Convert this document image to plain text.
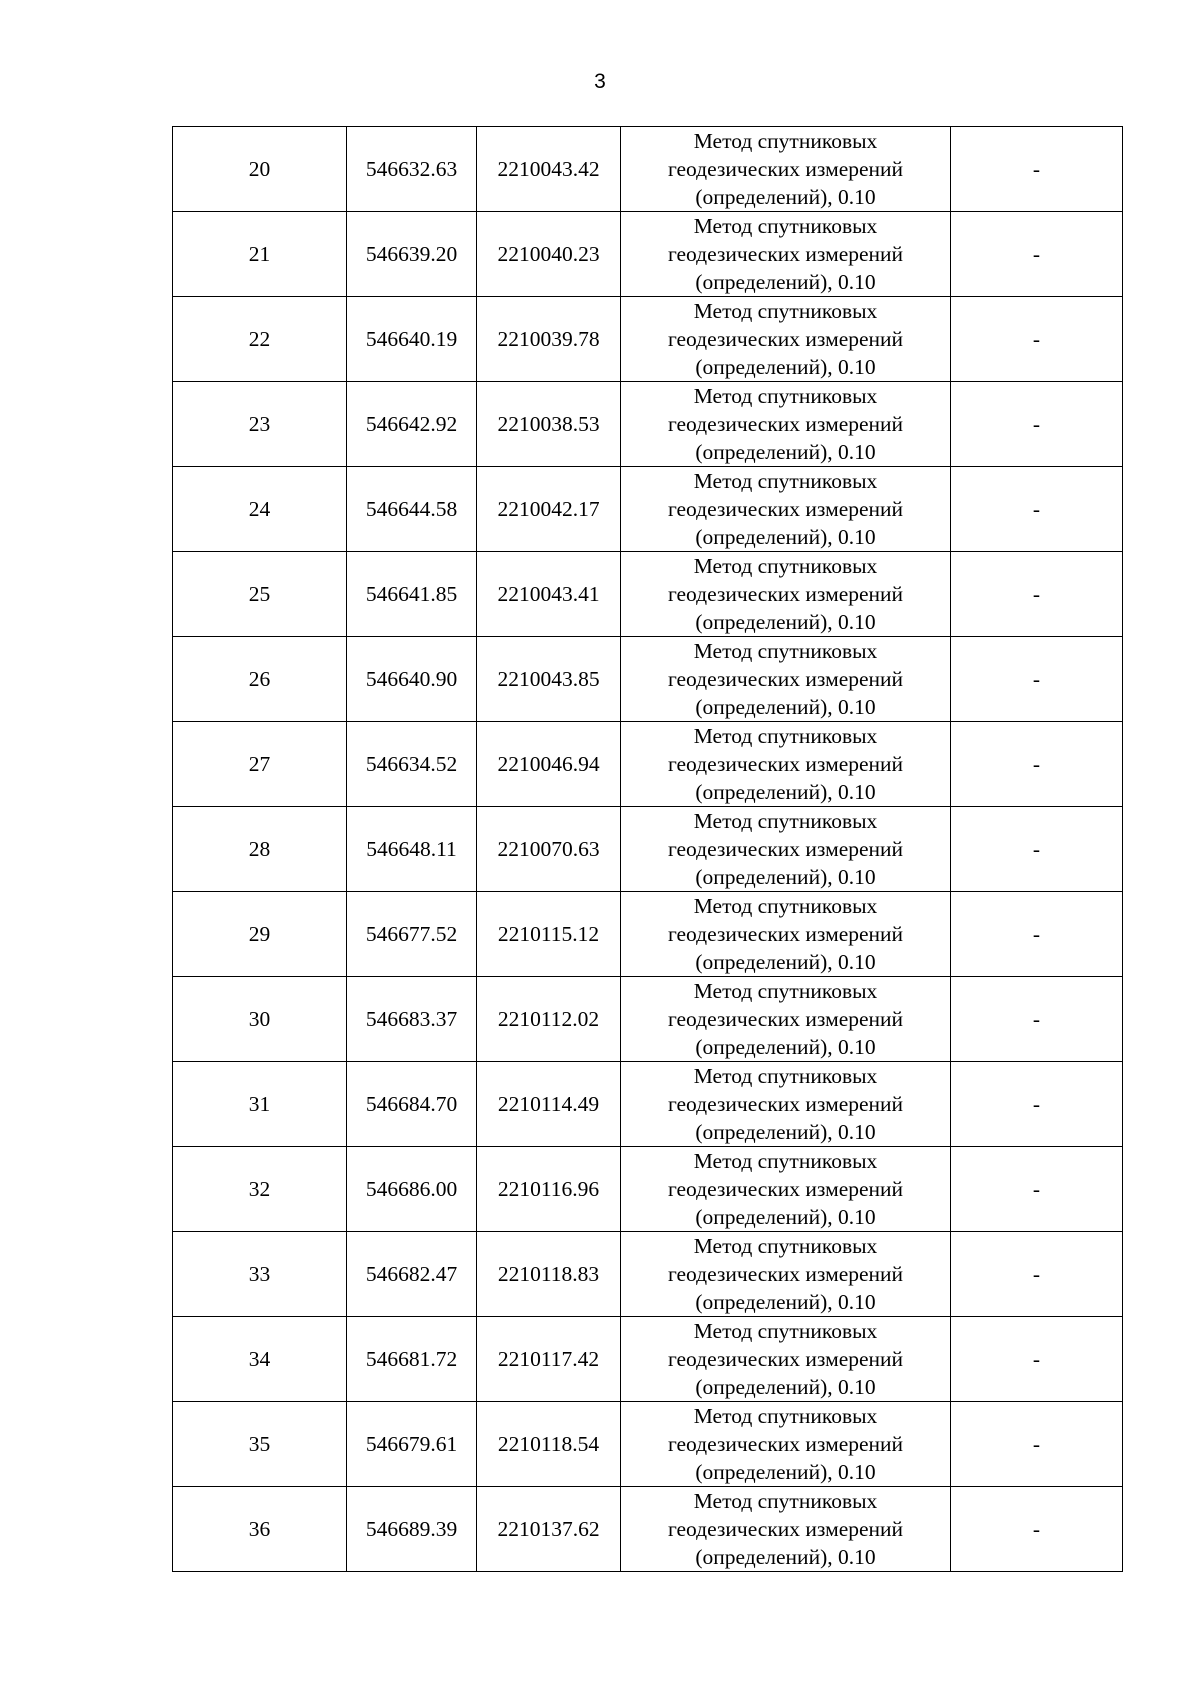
3
20	546632.63	2210043.42	Метод спутниковых
геодезических измерений
(определений), 0.10	-
21	546639.20	2210040.23	Метод спутниковых
геодезических измерений
(определений), 0.10	-
22	546640.19	2210039.78	Метод спутниковых
геодезических измерений
(определений), 0.10	-
23	546642.92	2210038.53	Метод спутниковых
геодезических измерений
(определений), 0.10	-
24	546644.58	2210042.17	Метод спутниковых
геодезических измерений
(определений), 0.10	-
25	546641.85	2210043.41	Метод спутниковых
геодезических измерений
(определений), 0.10	-
26	546640.90	2210043.85	Метод спутниковых
геодезических измерений
(определений), 0.10	-
27	546634.52	2210046.94	Метод спутниковых
геодезических измерений
(определений), 0.10	-
28	546648.11	2210070.63	Метод спутниковых
геодезических измерений
(определений), 0.10	-
29	546677.52	2210115.12	Метод спутниковых
геодезических измерений
(определений), 0.10	-
30	546683.37	2210112.02	Метод спутниковых
геодезических измерений
(определений), 0.10	-
31	546684.70	2210114.49	Метод спутниковых
геодезических измерений
(определений), 0.10	-
32	546686.00	2210116.96	Метод спутниковых
геодезических измерений
(определений), 0.10	-
33	546682.47	2210118.83	Метод спутниковых
геодезических измерений
(определений), 0.10	-
34	546681.72	2210117.42	Метод спутниковых
геодезических измерений
(определений), 0.10	-
35	546679.61	2210118.54	Метод спутниковых
геодезических измерений
(определений), 0.10	-
36	546689.39	2210137.62	Метод спутниковых
геодезических измерений
(определений), 0.10	-
